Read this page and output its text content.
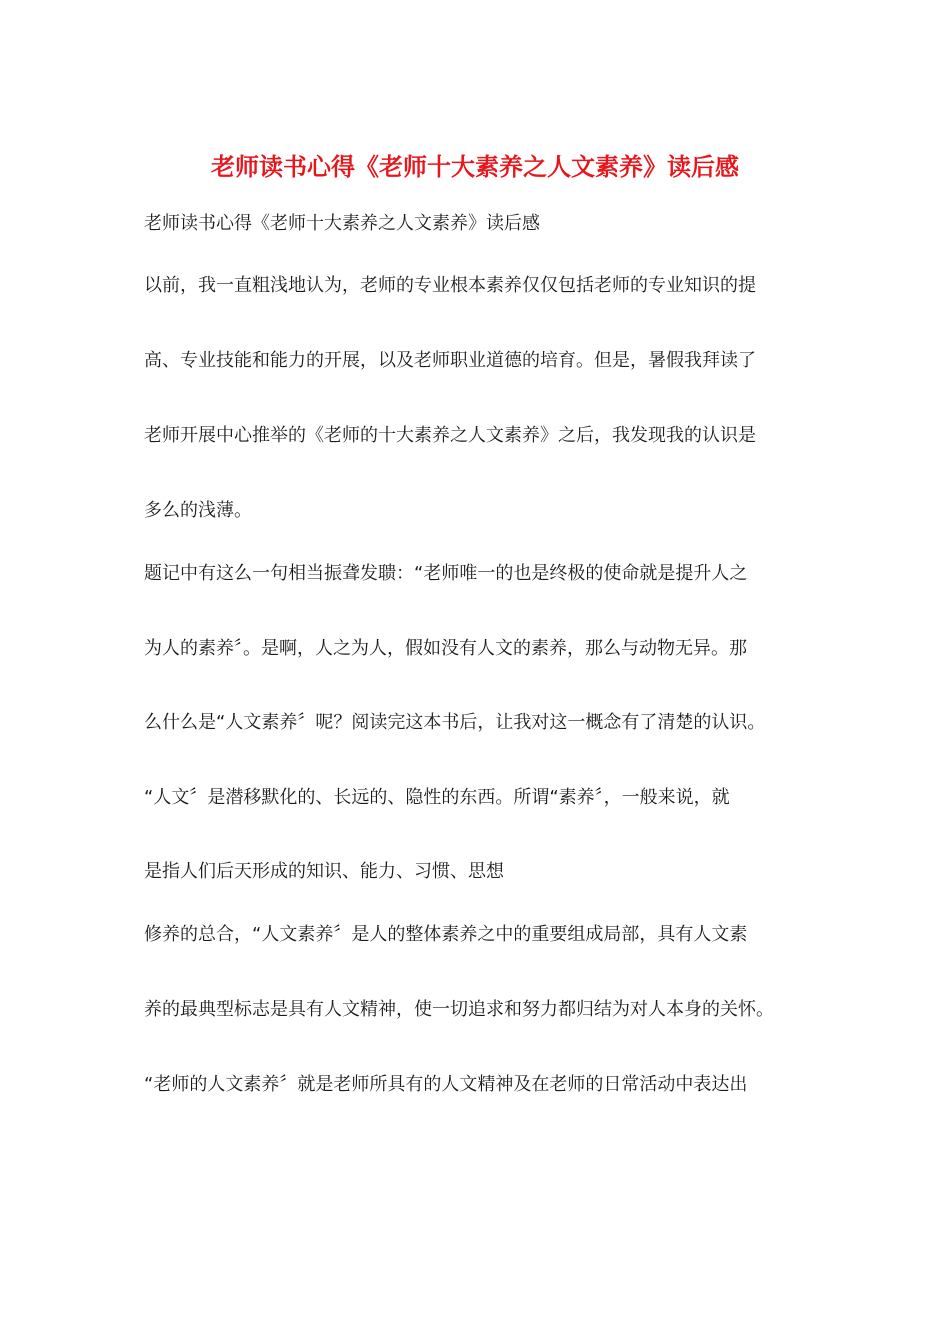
老师读书心得《老师十大素养之人文素养》读后感
老师读书心得《老师十大素养之人文素养》读后感
以前，我一直粗浅地认为，老师的专业根本素养仅仅包括老师的专业知识的提
高、专业技能和能力的开展，以及老师职业道德的培育。但是，暑假我拜读了
老师开展中心推举的《老师的十大素养之人文素养》之后，我发现我的认识是
多么的浅薄。
题记中有这么一句相当振聋发聩：“老师唯一的也是终极的使命就是提升人之
为人的素养〞。是啊，人之为人，假如没有人文的素养，那么与动物无异。那
么什么是“人文素养〞呢？阅读完这本书后，让我对这一概念有了清楚的认识。
“人文〞是潜移默化的、长远的、隐性的东西。所谓“素养〞，一般来说，就
是指人们后天形成的知识、能力、习惯、思想
修养的总合，“人文素养〞是人的整体素养之中的重要组成局部，具有人文素
养的最典型标志是具有人文精神，使一切追求和努力都归结为对人本身的关怀。
“老师的人文素养〞就是老师所具有的人文精神及在老师的日常活动中表达出
